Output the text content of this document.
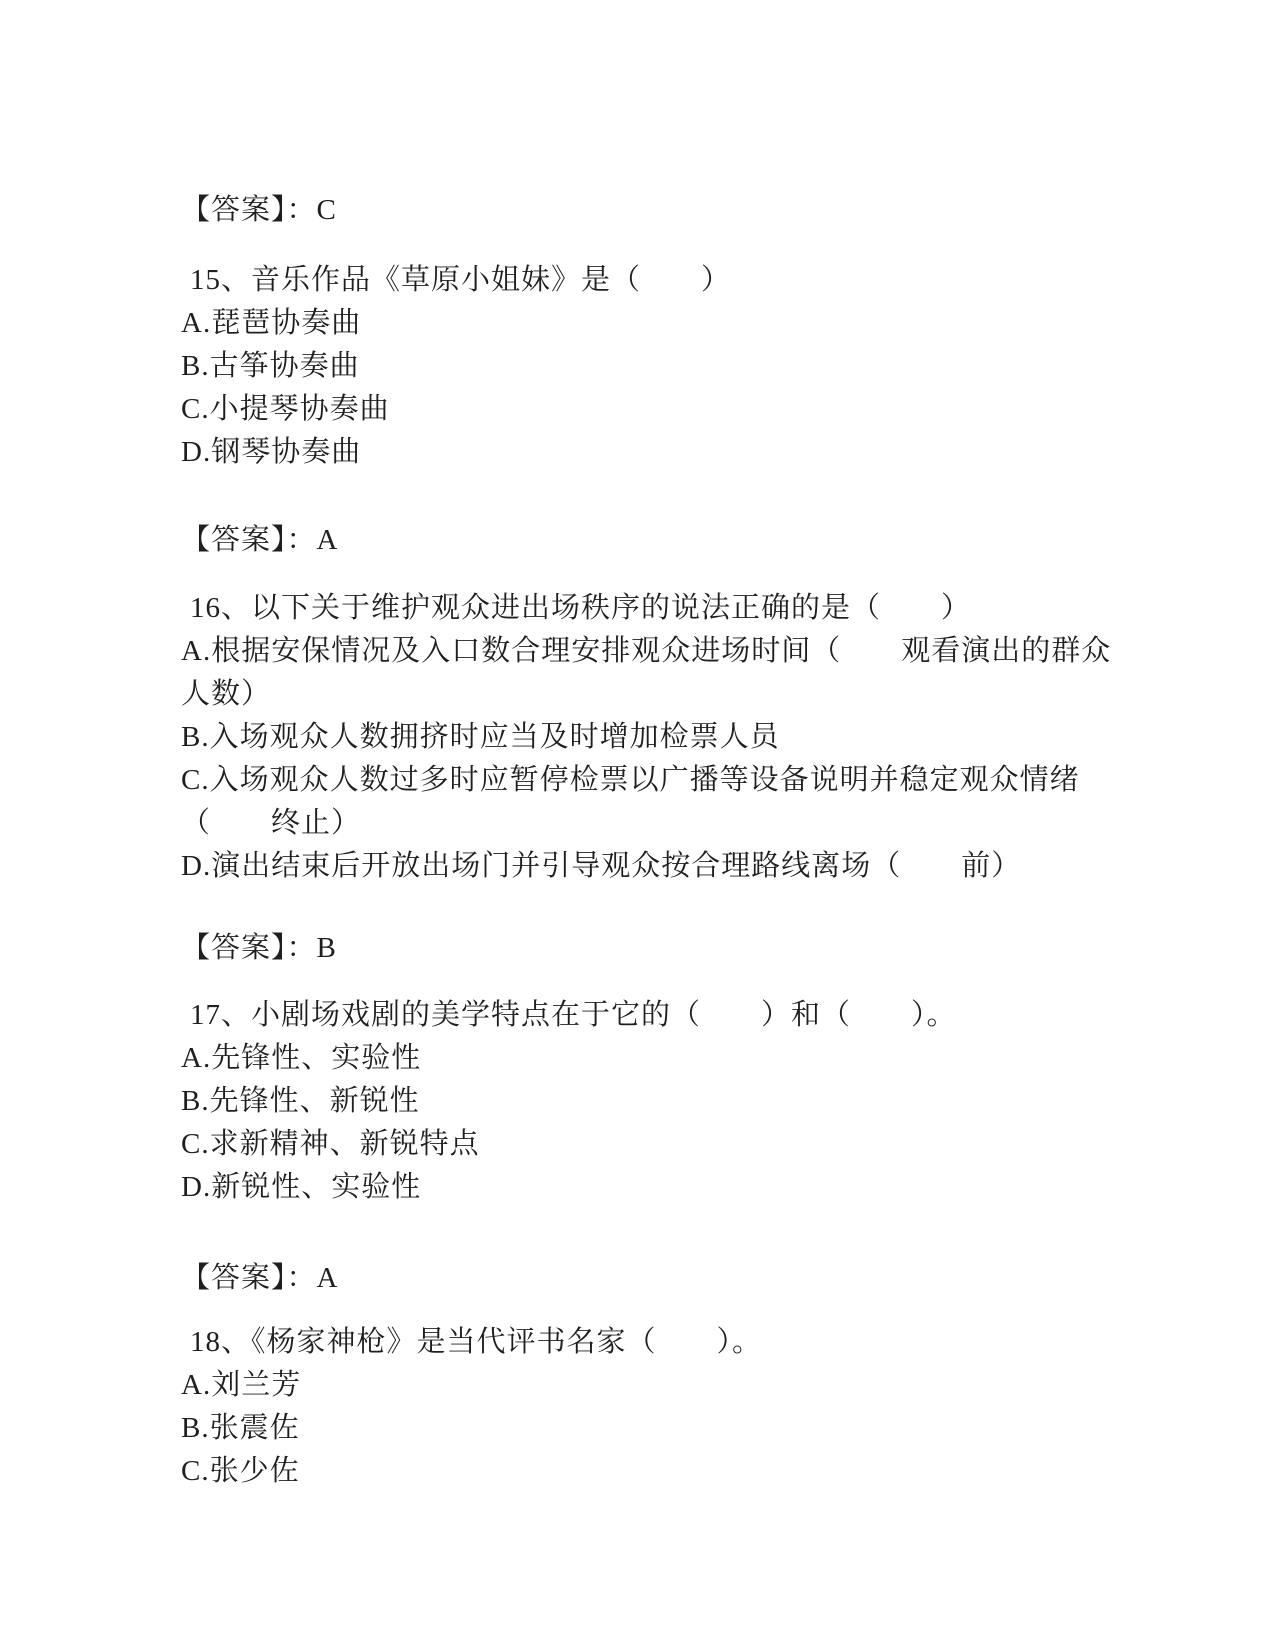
【答案】：C

15、音乐作品《草原小姐妹》是（　　）

A.琵琶协奏曲

B.古筝协奏曲

C.小提琴协奏曲

D.钢琴协奏曲

【答案】：A

16、以下关于维护观众进出场秩序的说法正确的是（　　）

A.根据安保情况及入口数合理安排观众进场时间（　　观看演出的群众

人数）

B.入场观众人数拥挤时应当及时增加检票人员

C.入场观众人数过多时应暂停检票以广播等设备说明并稳定观众情绪

（　　终止）

D.演出结束后开放出场门并引导观众按合理路线离场（　　前）

【答案】：B

17、小剧场戏剧的美学特点在于它的（　　）和（　　）。

A.先锋性、实验性

B.先锋性、新锐性

C.求新精神、新锐特点

D.新锐性、实验性

【答案】：A

18、《杨家神枪》是当代评书名家（　　）。

A.刘兰芳

B.张震佐

C.张少佐
